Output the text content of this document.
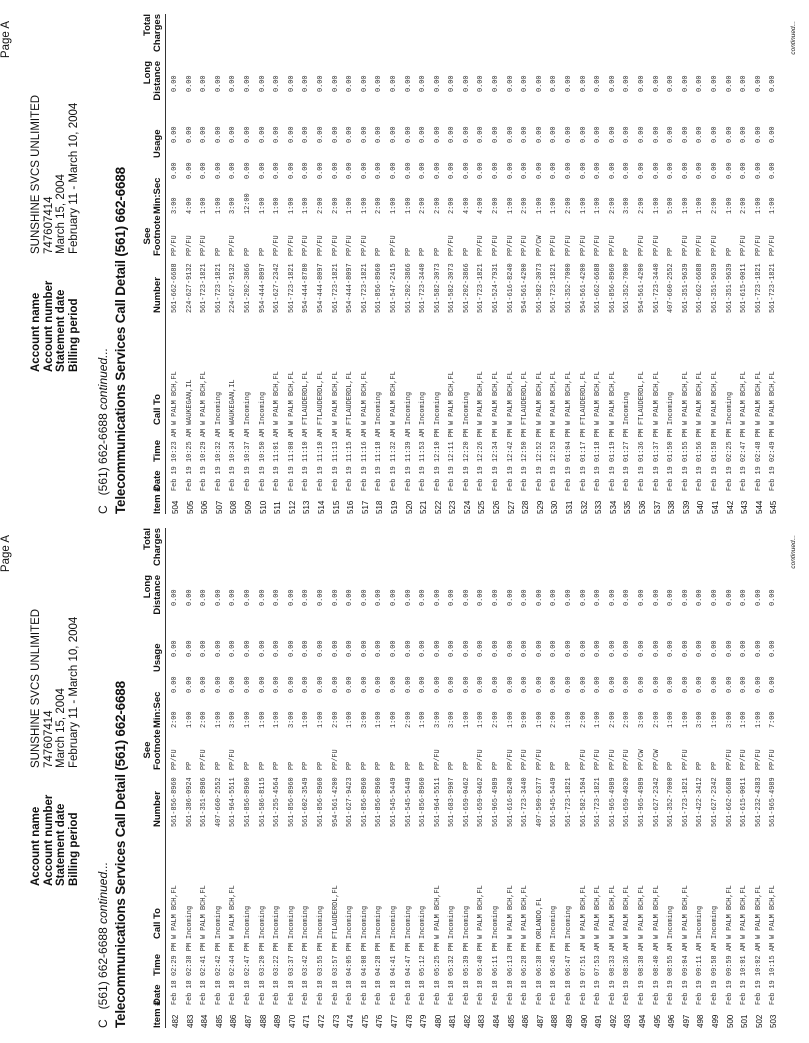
Account name
SUNSHINE SVCS UNLIMITED
Account number
747607414
Statement date
March 15, 2004
Billing period
February 11 - March 10, 2004
Page A
C   (561) 662-6688 continued... Telecommunications Services Call Detail (561) 662-6688	Item #
Date
Time
Call To
Number
See Footnote
Min:Sec
Usage
Long Distance
Total Charges
482
Feb 18 02:29 PM
W PALM BCH,FL
561-856-8960
PP/FU
2:00
0.00
0.00
0.00
483
Feb 18 02:38 PM
Incoming
561-386-0924
PP
1:00
0.00
0.00
0.00
484
Feb 18 02:41 PM
W PALM BCH,FL
561-351-8986
PP/FU
2:00
0.00
0.00
0.00
485
Feb 18 02:42 PM
Incoming
407-660-2552
PP
1:00
0.00
0.00
0.00
486
Feb 18 02:44 PM
W PALM BCH,FL
561-964-5511
PP/FU
3:00
0.00
0.00
0.00
487
Feb 18 02:47 PM
Incoming
561-856-8960
PP
1:00
0.00
0.00
0.00
488
Feb 18 03:20 PM
Incoming
561-586-8115
PP
1:00
0.00
0.00
0.00
489
Feb 18 03:22 PM
Incoming
561-255-4564
PP
1:00
0.00
0.00
0.00
470
Feb 18 03:37 PM
Incoming
561-856-8960
PP
3:00
0.00
0.00
0.00
471
Feb 18 03:42 PM
Incoming
561-602-3549
PP
1:00
0.00
0.00
0.00
472
Feb 18 03:55 PM
Incoming
561-856-8960
PP
1:00
0.00
0.00
0.00
473
Feb 18 03:57 PM
FTLAUDERDL,FL
954-561-4200
PP/FU
2:00
0.00
0.00
0.00
474
Feb 18 04:05 PM
Incoming
561-627-9423
PP
1:00
0.00
0.00
0.00
475
Feb 18 04:08 PM
Incoming
561-856-8960
PP
3:00
0.00
0.00
0.00
476
Feb 18 04:28 PM
Incoming
561-856-8960
PP
1:00
0.00
0.00
0.00
477
Feb 18 04:41 PM
Incoming
561-545-5449
PP
1:00
0.00
0.00
0.00
478
Feb 18 04:47 PM
Incoming
561-545-5449
PP
2:00
0.00
0.00
0.00
479
Feb 18 05:12 PM
Incoming
561-856-8960
PP
1:00
0.00
0.00
0.00
480
Feb 18 05:25 PM
W PALM BCH,FL
561-964-5511
PP/FU
3:00
0.00
0.00
0.00
481
Feb 18 05:32 PM
Incoming
561-683-9907
PP
3:00
0.00
0.00
0.00
482
Feb 18 05:39 PM
Incoming
561-659-0462
PP
1:00
0.00
0.00
0.00
483
Feb 18 05:40 PM
W PALM BCH,FL
561-659-0462
PP/FU
1:00
0.00
0.00
0.00
484
Feb 18 06:11 PM
Incoming
561-965-4989
PP
2:00
0.00
0.00
0.00
485
Feb 18 06:13 PM
W PALM BCH,FL
561-616-8240
PP/FU
1:00
0.00
0.00
0.00
486
Feb 18 06:28 PM
W PALM BCH,FL
561-723-3440
PP/FU
9:00
0.00
0.00
0.00
487
Feb 18 06:38 PM
ORLANDO,FL
407-509-6377
PP/FU
1:00
0.00
0.00
0.00
488
Feb 18 06:45 PM
Incoming
561-545-5449
PP
2:00
0.00
0.00
0.00
489
Feb 18 06:47 PM
Incoming
561-723-1821
PP
1:00
0.00
0.00
0.00
490
Feb 19 07:51 AM
W PALM BCH,FL
561-582-1504
PP/FU
2:00
0.00
0.00
0.00
491
Feb 19 07:53 AM
W PALM BCH,FL
561-723-1821
PP/FU
1:00
0.00
0.00
0.00
492
Feb 19 08:33 AM
W PALM BCH,FL
561-965-4989
PP/FU
2:00
0.00
0.00
0.00
493
Feb 19 08:36 AM
W PALM BCH,FL
561-659-4020
PP/FU
2:00
0.00
0.00
0.00
494
Feb 19 08:38 AM
W PALM BCH,FL
561-965-4989
PP/CW
3:00
0.00
0.00
0.00
495
Feb 19 08:40 AM
W PALM BCH,FL
561-627-2342
PP/CW
2:00
0.00
0.00
0.00
496
Feb 19 08:55 AM
Incoming
561-352-7000
PP
1:00
0.00
0.00
0.00
497
Feb 19 09:04 AM
W PALM BCH,FL
561-723-1821
PP/FU
1:00
0.00
0.00
0.00
498
Feb 19 09:11 AM
Incoming
561-422-3412
PP
3:00
0.00
0.00
0.00
499
Feb 19 09:58 AM
Incoming
561-627-2342
PP
1:00
0.00
0.00
0.00
500
Feb 19 09:59 AM
W PALM BCH,FL
561-662-6688
PP/FU
3:00
0.00
0.00
0.00
501
Feb 19 10:01 AM
W PALM BCH,FL
561-615-0011
PP/FU
1:00
0.00
0.00
0.00
502
Feb 19 10:02 AM
W PALM BCH,FL
561-232-4383
PP/FU
1:00
0.00
0.00
0.00
503
Feb 19 10:15 AM
W PALM BCH,FL
561-965-4989
PP/FU
7:00
0.00
0.00
0.00
continued...
Account name
SUNSHINE SVCS UNLIMITED
Account number
747607414
Statement date
March 15, 2004
Billing period
February 11 - March 10, 2004
Page A
C   (561) 662-6688 continued... Telecommunications Services Call Detail (561) 662-6688	Item #
Date
Time
Call To
Number
See Footnote
Min:Sec
Usage
Long Distance
Total Charges
504
Feb 19 10:23 AM
W PALM BCH,FL
561-662-6688
PP/FU
3:00
0.00
0.00
0.00
505
Feb 19 10:25 AM
WAUKEGAN,IL
224-627-9132
PP/FU
4:00
0.00
0.00
0.00
506
Feb 19 10:29 AM
W PALM BCH,FL
561-723-1821
PP/FU
1:00
0.00
0.00
0.00
507
Feb 19 10:32 AM
Incoming
561-723-1821
PP
1:00
0.00
0.00
0.00
508
Feb 19 10:34 AM
WAUKEGAN,IL
224-627-9132
PP/FU
3:00
0.00
0.00
0.00
509
Feb 19 10:37 AM
Incoming
561-202-3866
PP
12:00
0.00
0.00
0.00
510
Feb 19 10:50 AM
Incoming
954-444-8097
PP
1:00
0.00
0.00
0.00
511
Feb 19 11:01 AM
W PALM BCH,FL
561-627-2342
PP/FU
1:00
0.00
0.00
0.00
512
Feb 19 11:08 AM
W PALM BCH,FL
561-723-1821
PP/FU
1:00
0.00
0.00
0.00
513
Feb 19 11:10 AM
FTLAUDERDL,FL
954-444-8780
PP/FU
1:00
0.00
0.00
0.00
514
Feb 19 11:10 AM
FTLAUDERDL,FL
954-444-8097
PP/FU
2:00
0.00
0.00
0.00
515
Feb 19 11:13 AM
W PALM BCH,FL
561-723-1821
PP/FU
2:00
0.00
0.00
0.00
516
Feb 19 11:15 AM
FTLAUDERDL,FL
954-444-8097
PP/FU
1:00
0.00
0.00
0.00
517
Feb 19 11:16 AM
W PALM BCH,FL
561-723-1821
PP/FU
1:00
0.00
0.00
0.00
518
Feb 19 11:18 AM
Incoming
561-856-8960
PP
2:00
0.00
0.00
0.00
519
Feb 19 11:32 AM
W PALM BCH,FL
561-547-2415
PP/FU
1:00
0.00
0.00
0.00
520
Feb 19 11:39 AM
Incoming
561-202-3866
PP
1:00
0.00
0.00
0.00
521
Feb 19 11:53 AM
Incoming
561-723-3440
PP
2:00
0.00
0.00
0.00
522
Feb 19 12:10 PM
Incoming
561-582-3073
PP
2:00
0.00
0.00
0.00
523
Feb 19 12:11 PM
W PALM BCH,FL
561-582-3073
PP/FU
2:00
0.00
0.00
0.00
524
Feb 19 12:20 PM
Incoming
561-202-3866
PP
4:00
0.00
0.00
0.00
525
Feb 19 12:26 PM
W PALM BCH,FL
561-723-1821
PP/FU
4:00
0.00
0.00
0.00
526
Feb 19 12:34 PM
W PALM BCH,FL
561-524-7931
PP/FU
2:00
0.00
0.00
0.00
527
Feb 19 12:42 PM
W PALM BCH,FL
561-616-8240
PP/FU
1:00
0.00
0.00
0.00
528
Feb 19 12:50 PM
FTLAUDERDL,FL
954-561-4200
PP/FU
2:00
0.00
0.00
0.00
529
Feb 19 12:52 PM
W PALM BCH,FL
561-582-3073
PP/CW
1:00
0.00
0.00
0.00
530
Feb 19 12:53 PM
W PALM BCH,FL
561-723-1821
PP/FU
1:00
0.00
0.00
0.00
531
Feb 19 01:04 PM
W PALM BCH,FL
561-352-7000
PP/FU
2:00
0.00
0.00
0.00
532
Feb 19 01:17 PM
FTLAUDERDL,FL
954-561-4200
PP/FU
1:00
0.00
0.00
0.00
533
Feb 19 01:18 PM
W PALM BCH,FL
561-662-6688
PP/FU
1:00
0.00
0.00
0.00
534
Feb 19 01:19 PM
W PALM BCH,FL
561-856-8960
PP/FU
2:00
0.00
0.00
0.00
535
Feb 19 01:27 PM
Incoming
561-352-7000
PP
3:00
0.00
0.00
0.00
536
Feb 19 01:36 PM
FTLAUDERDL,FL
954-561-4200
PP/FU
2:00
0.00
0.00
0.00
537
Feb 19 01:37 PM
W PALM BCH,FL
561-723-3440
PP/FU
1:00
0.00
0.00
0.00
538
Feb 19 01:50 PM
Incoming
407-660-2552
PP
5:00
0.00
0.00
0.00
539
Feb 19 01:55 PM
W PALM BCH,FL
561-351-9639
PP/FU
1:00
0.00
0.00
0.00
540
Feb 19 01:56 PM
W PALM BCH,FL
561-662-6688
PP/FU
1:00
0.00
0.00
0.00
541
Feb 19 01:58 PM
W PALM BCH,FL
561-351-9639
PP/FU
2:00
0.00
0.00
0.00
542
Feb 19 02:25 PM
Incoming
561-351-9639
PP
1:00
0.00
0.00
0.00
543
Feb 19 02:47 PM
W PALM BCH,FL
561-615-0011
PP/FU
2:00
0.00
0.00
0.00
544
Feb 19 02:48 PM
W PALM BCH,FL
561-723-1821
PP/FU
1:00
0.00
0.00
0.00
545
Feb 19 02:49 PM
W PALM BCH,FL
561-723-1821
PP/FU
1:00
0.00
0.00
0.00
continued...
